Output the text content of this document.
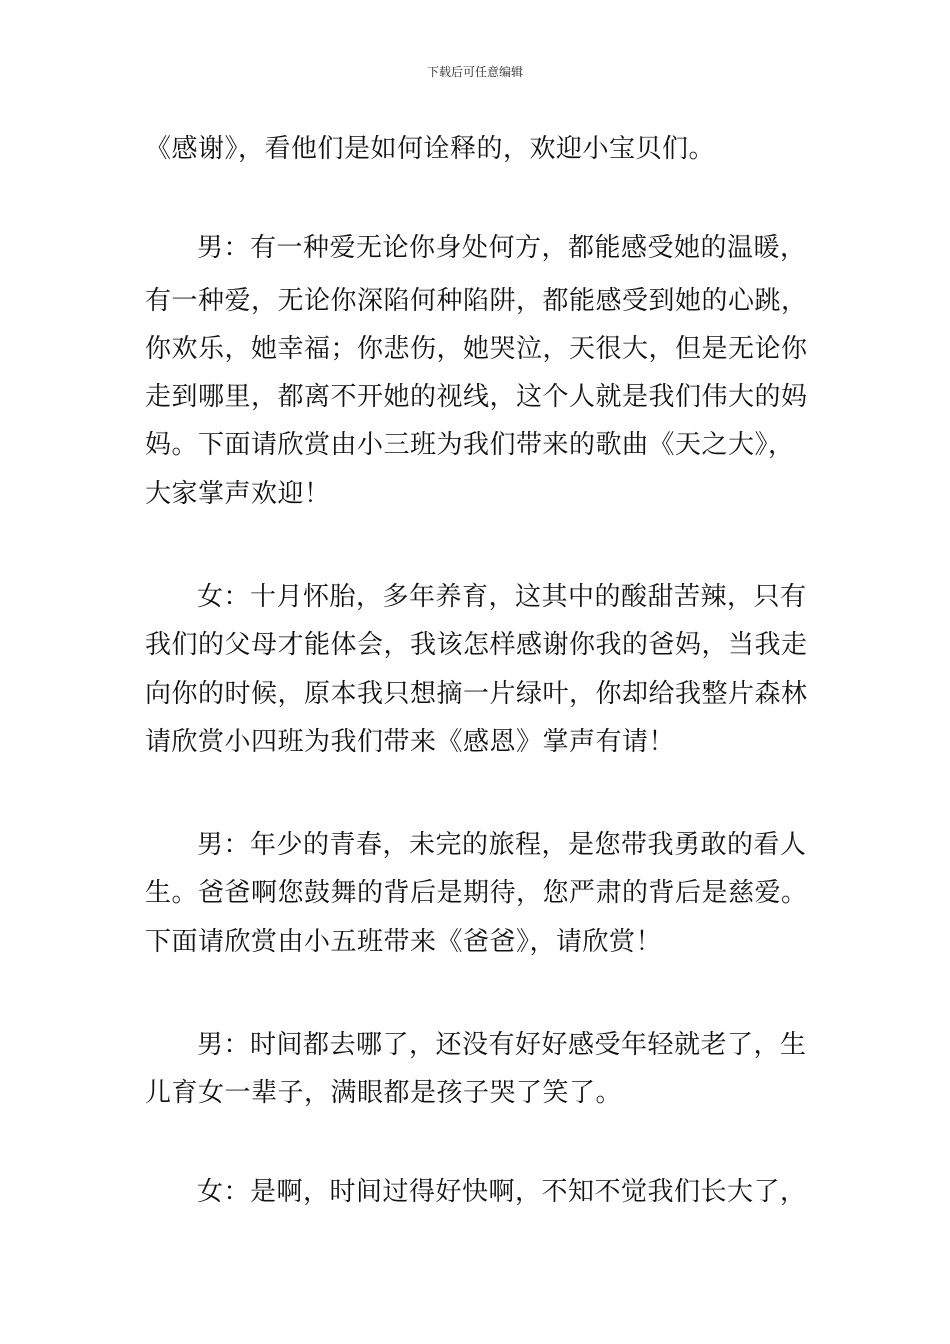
下载后可任意编辑
《感谢》，看他们是如何诠释的，欢迎小宝贝们。
男：有一种爱无论你身处何方，都能感受她的温暖，
有一种爱，无论你深陷何种陷阱，都能感受到她的心跳，
你欢乐，她幸福；你悲伤，她哭泣，天很大，但是无论你
走到哪里，都离不开她的视线，这个人就是我们伟大的妈
妈。下面请欣赏由小三班为我们带来的歌曲《天之大》，
大家掌声欢迎！
女：十月怀胎，多年养育，这其中的酸甜苦辣，只有
我们的父母才能体会，我该怎样感谢你我的爸妈，当我走
向你的时候，原本我只想摘一片绿叶，你却给我整片森林
请欣赏小四班为我们带来《感恩》掌声有请！
男：年少的青春，未完的旅程，是您带我勇敢的看人
生。爸爸啊您鼓舞的背后是期待，您严肃的背后是慈爱。
下面请欣赏由小五班带来《爸爸》，请欣赏！
男：时间都去哪了，还没有好好感受年轻就老了，生
儿育女一辈子，满眼都是孩子哭了笑了。
女：是啊，时间过得好快啊，不知不觉我们长大了，
